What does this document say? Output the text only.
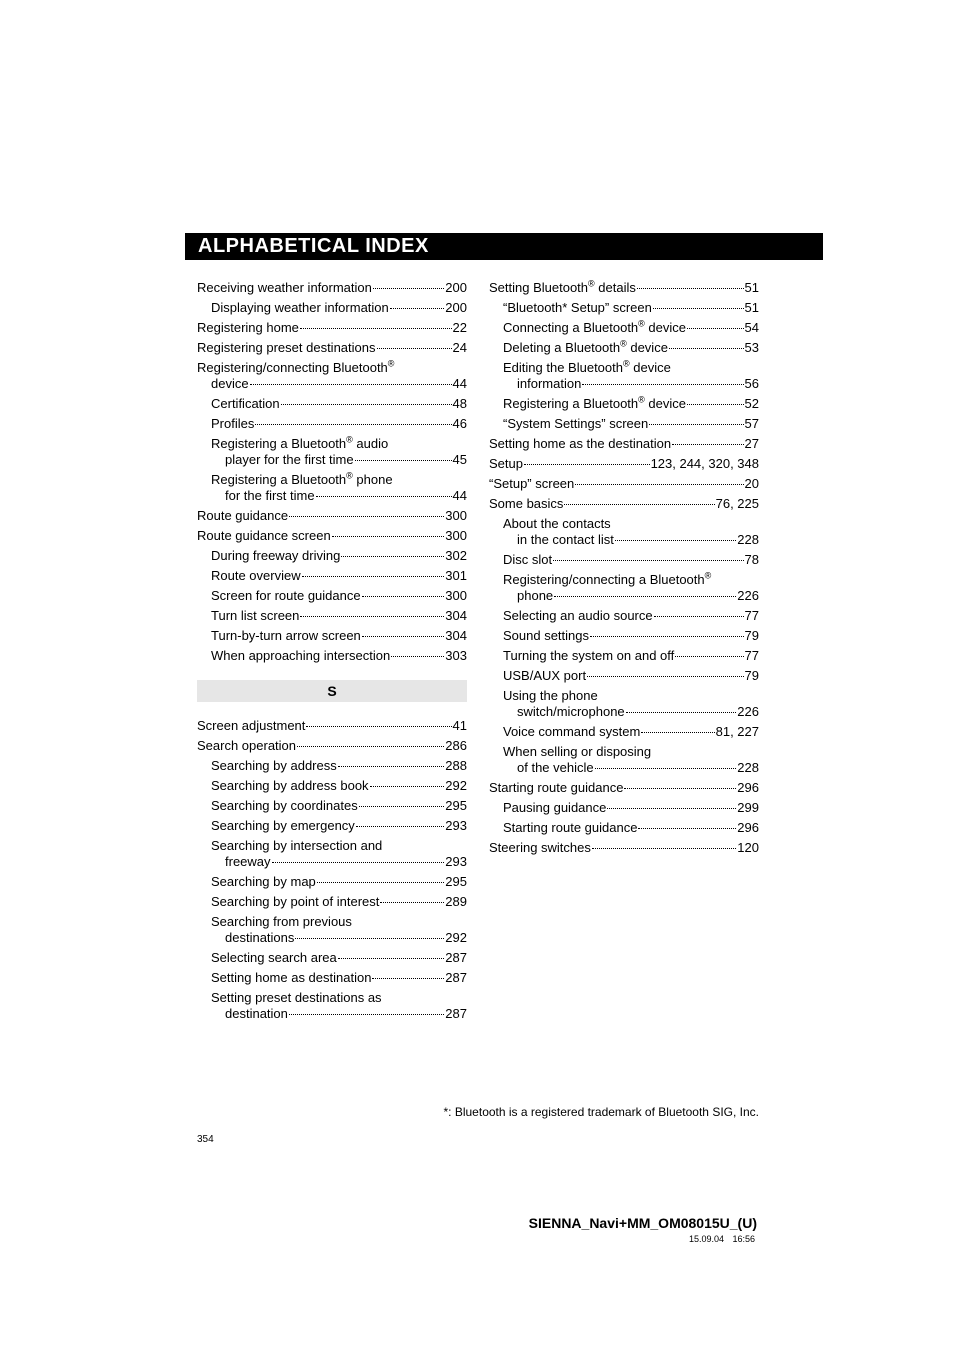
ALPHABETICAL INDEX
Receiving weather information	200
Displaying weather information	200
Registering home	22
Registering preset destinations	24
Registering/connecting Bluetooth®
device	44
Certification	48
Profiles	46
Registering a Bluetooth® audio
player for the first time	45
Registering a Bluetooth® phone
for the first time	44
Route guidance	300
Route guidance screen	300
During freeway driving	302
Route overview	301
Screen for route guidance	300
Turn list screen	304
Turn-by-turn arrow screen	304
When approaching intersection	303
S
Screen adjustment	41
Search operation	286
Searching by address	288
Searching by address book	292
Searching by coordinates	295
Searching by emergency	293
Searching by intersection and
freeway	293
Searching by map	295
Searching by point of interest	289
Searching from previous
destinations	292
Selecting search area	287
Setting home as destination	287
Setting preset destinations as
destination	287
Setting Bluetooth® details	51
“Bluetooth* Setup” screen	51
Connecting a Bluetooth® device	54
Deleting a Bluetooth® device	53
Editing the Bluetooth® device
information	56
Registering a Bluetooth® device	52
“System Settings” screen	57
Setting home as the destination	27
Setup	123, 244, 320, 348
“Setup” screen	20
Some basics	76, 225
About the contacts
in the contact list	228
Disc slot	78
Registering/connecting a Bluetooth®
phone	226
Selecting an audio source	77
Sound settings	79
Turning the system on and off	77
USB/AUX port	79
Using the phone
switch/microphone	226
Voice command system	81, 227
When selling or disposing
of the vehicle	228
Starting route guidance	296
Pausing guidance	299
Starting route guidance	296
Steering switches	120
*: Bluetooth is a registered trademark of Bluetooth SIG, Inc.
354
SIENNA_Navi+MM_OM08015U_(U)
15.09.04 16:56
